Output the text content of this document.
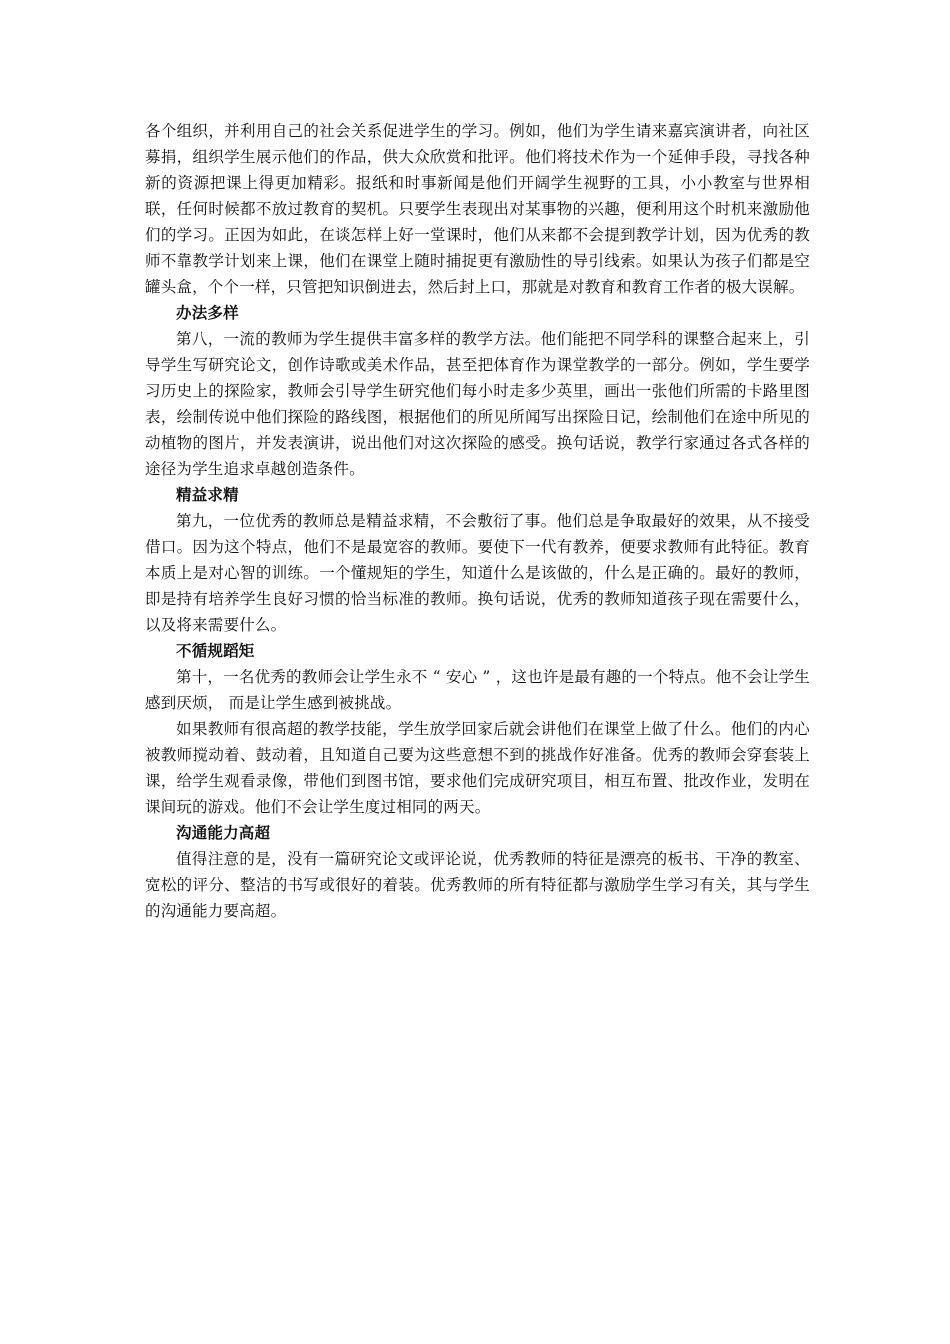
各个组织，并利用自己的社会关系促进学生的学习。例如，他们为学生请来嘉宾演讲者，向社区募捐，组织学生展示他们的作品，供大众欣赏和批评。他们将技术作为一个延伸手段，寻找各种新的资源把课上得更加精彩。报纸和时事新闻是他们开阔学生视野的工具，小小教室与世界相联，任何时候都不放过教育的契机。只要学生表现出对某事物的兴趣，便利用这个时机来激励他们的学习。正因为如此，在谈怎样上好一堂课时，他们从来都不会提到教学计划，因为优秀的教师不靠教学计划来上课，他们在课堂上随时捕捉更有激励性的导引线索。如果认为孩子们都是空罐头盒，个个一样，只管把知识倒进去，然后封上口，那就是对教育和教育工作者的极大误解。

办法多样

第八，一流的教师为学生提供丰富多样的教学方法。他们能把不同学科的课整合起来上，引导学生写研究论文，创作诗歌或美术作品，甚至把体育作为课堂教学的一部分。例如，学生要学习历史上的探险家，教师会引导学生研究他们每小时走多少英里，画出一张他们所需的卡路里图表，绘制传说中他们探险的路线图，根据他们的所见所闻写出探险日记，绘制他们在途中所见的动植物的图片，并发表演讲，说出他们对这次探险的感受。换句话说，教学行家通过各式各样的途径为学生追求卓越创造条件。

精益求精

第九，一位优秀的教师总是精益求精，不会敷衍了事。他们总是争取最好的效果，从不接受借口。因为这个特点，他们不是最宽容的教师。要使下一代有教养，便要求教师有此特征。教育本质上是对心智的训练。一个懂规矩的学生，知道什么是该做的，什么是正确的。最好的教师，即是持有培养学生良好习惯的恰当标准的教师。换句话说，优秀的教师知道孩子现在需要什么，以及将来需要什么。

不循规蹈矩

第十，一名优秀的教师会让学生永不 “ 安心 ” ，这也许是最有趣的一个特点。他不会让学生感到厌烦， 而是让学生感到被挑战。

如果教师有很高超的教学技能，学生放学回家后就会讲他们在课堂上做了什么。他们的内心被教师搅动着、鼓动着，且知道自己要为这些意想不到的挑战作好准备。优秀的教师会穿套装上课，给学生观看录像，带他们到图书馆，要求他们完成研究项目，相互布置、批改作业，发明在课间玩的游戏。他们不会让学生度过相同的两天。

沟通能力高超

值得注意的是，没有一篇研究论文或评论说，优秀教师的特征是漂亮的板书、干净的教室、宽松的评分、整洁的书写或很好的着装。优秀教师的所有特征都与激励学生学习有关，其与学生的沟通能力要高超。
